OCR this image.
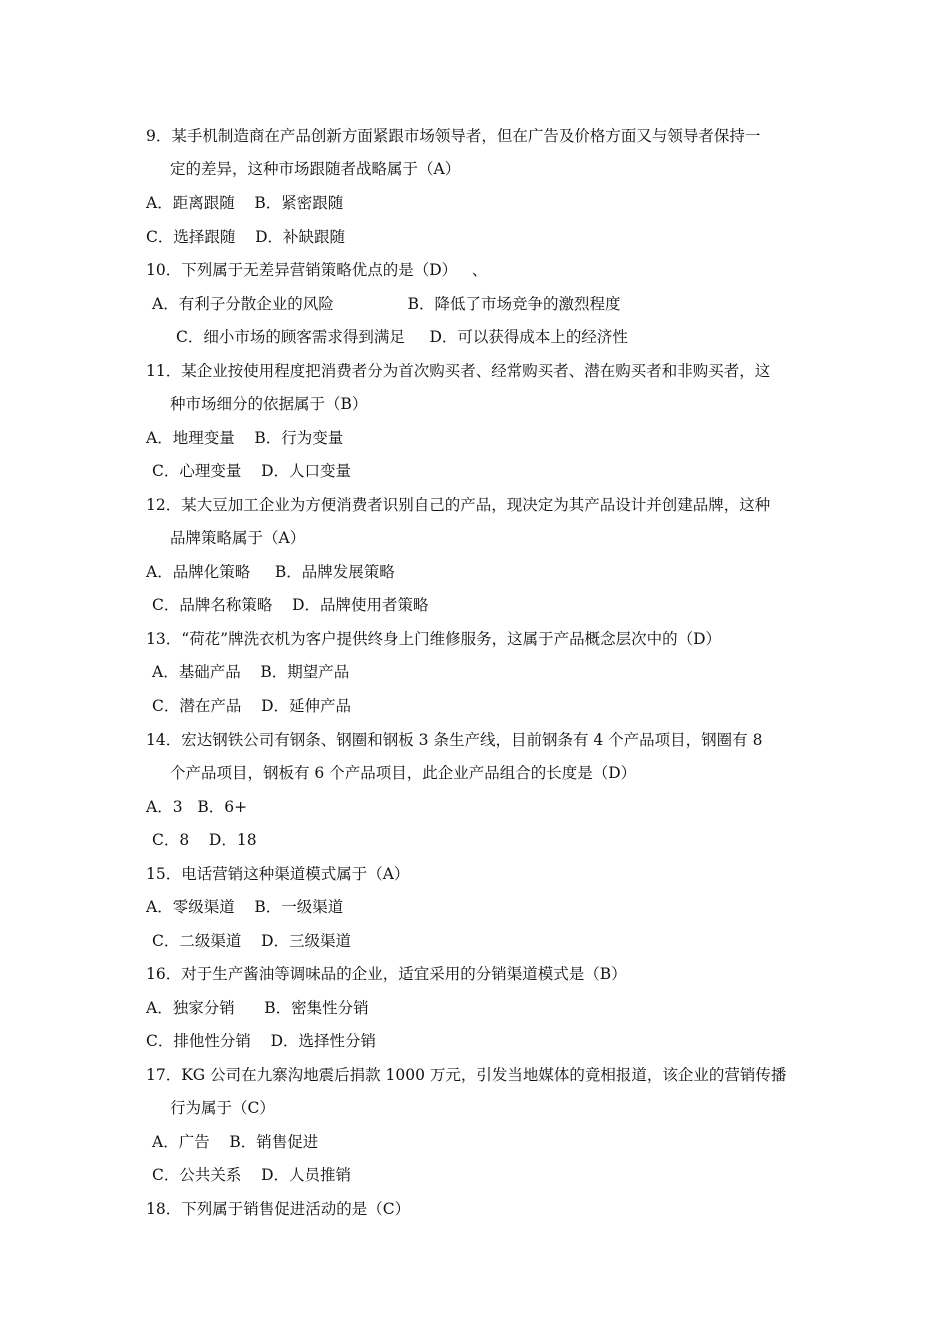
9．某手机制造商在产品创新方面紧跟市场领导者，但在广告及价格方面又与领导者保持一
定的差异，这种市场跟随者战略属于（A）
A．距离跟随    B．紧密跟随
C．选择跟随    D．补缺跟随
10．下列属于无差异营销策略优点的是（D）   、
A．有利子分散企业的风险               B．降低了市场竞争的激烈程度
C．细小市场的顾客需求得到满足     D．可以获得成本上的经济性
11．某企业按使用程度把消费者分为首次购买者、经常购买者、潜在购买者和非购买者，这
种市场细分的依据属于（B）
A．地理变量    B．行为变量
C．心理变量    D．人口变量
12．某大豆加工企业为方便消费者识别自己的产品，现决定为其产品设计并创建品牌，这种
品牌策略属于（A）
A．品牌化策略     B．品牌发展策略
C．品牌名称策略    D．品牌使用者策略
13．“荷花”牌洗衣机为客户提供终身上门维修服务，这属于产品概念层次中的（D）
A．基础产品    B．期望产品
C．潜在产品    D．延伸产品
14．宏达钢铁公司有钢条、钢圈和钢板 3 条生产线，目前钢条有 4 个产品项目，钢圈有 8
个产品项目，钢板有 6 个产品项目，此企业产品组合的长度是（D）
A．3   B．6+
C．8    D．18
15．电话营销这种渠道模式属于（A）
A．零级渠道    B．一级渠道
C．二级渠道    D．三级渠道
16．对于生产酱油等调味品的企业，适宜采用的分销渠道模式是（B）
A．独家分销      B．密集性分销
C．排他性分销    D．选择性分销
17．KG 公司在九寨沟地震后捐款 1000 万元，引发当地媒体的竟相报道，该企业的营销传播
行为属于（C）
A．广告    B．销售促进
C．公共关系    D．人员推销
18．下列属于销售促进活动的是（C）
